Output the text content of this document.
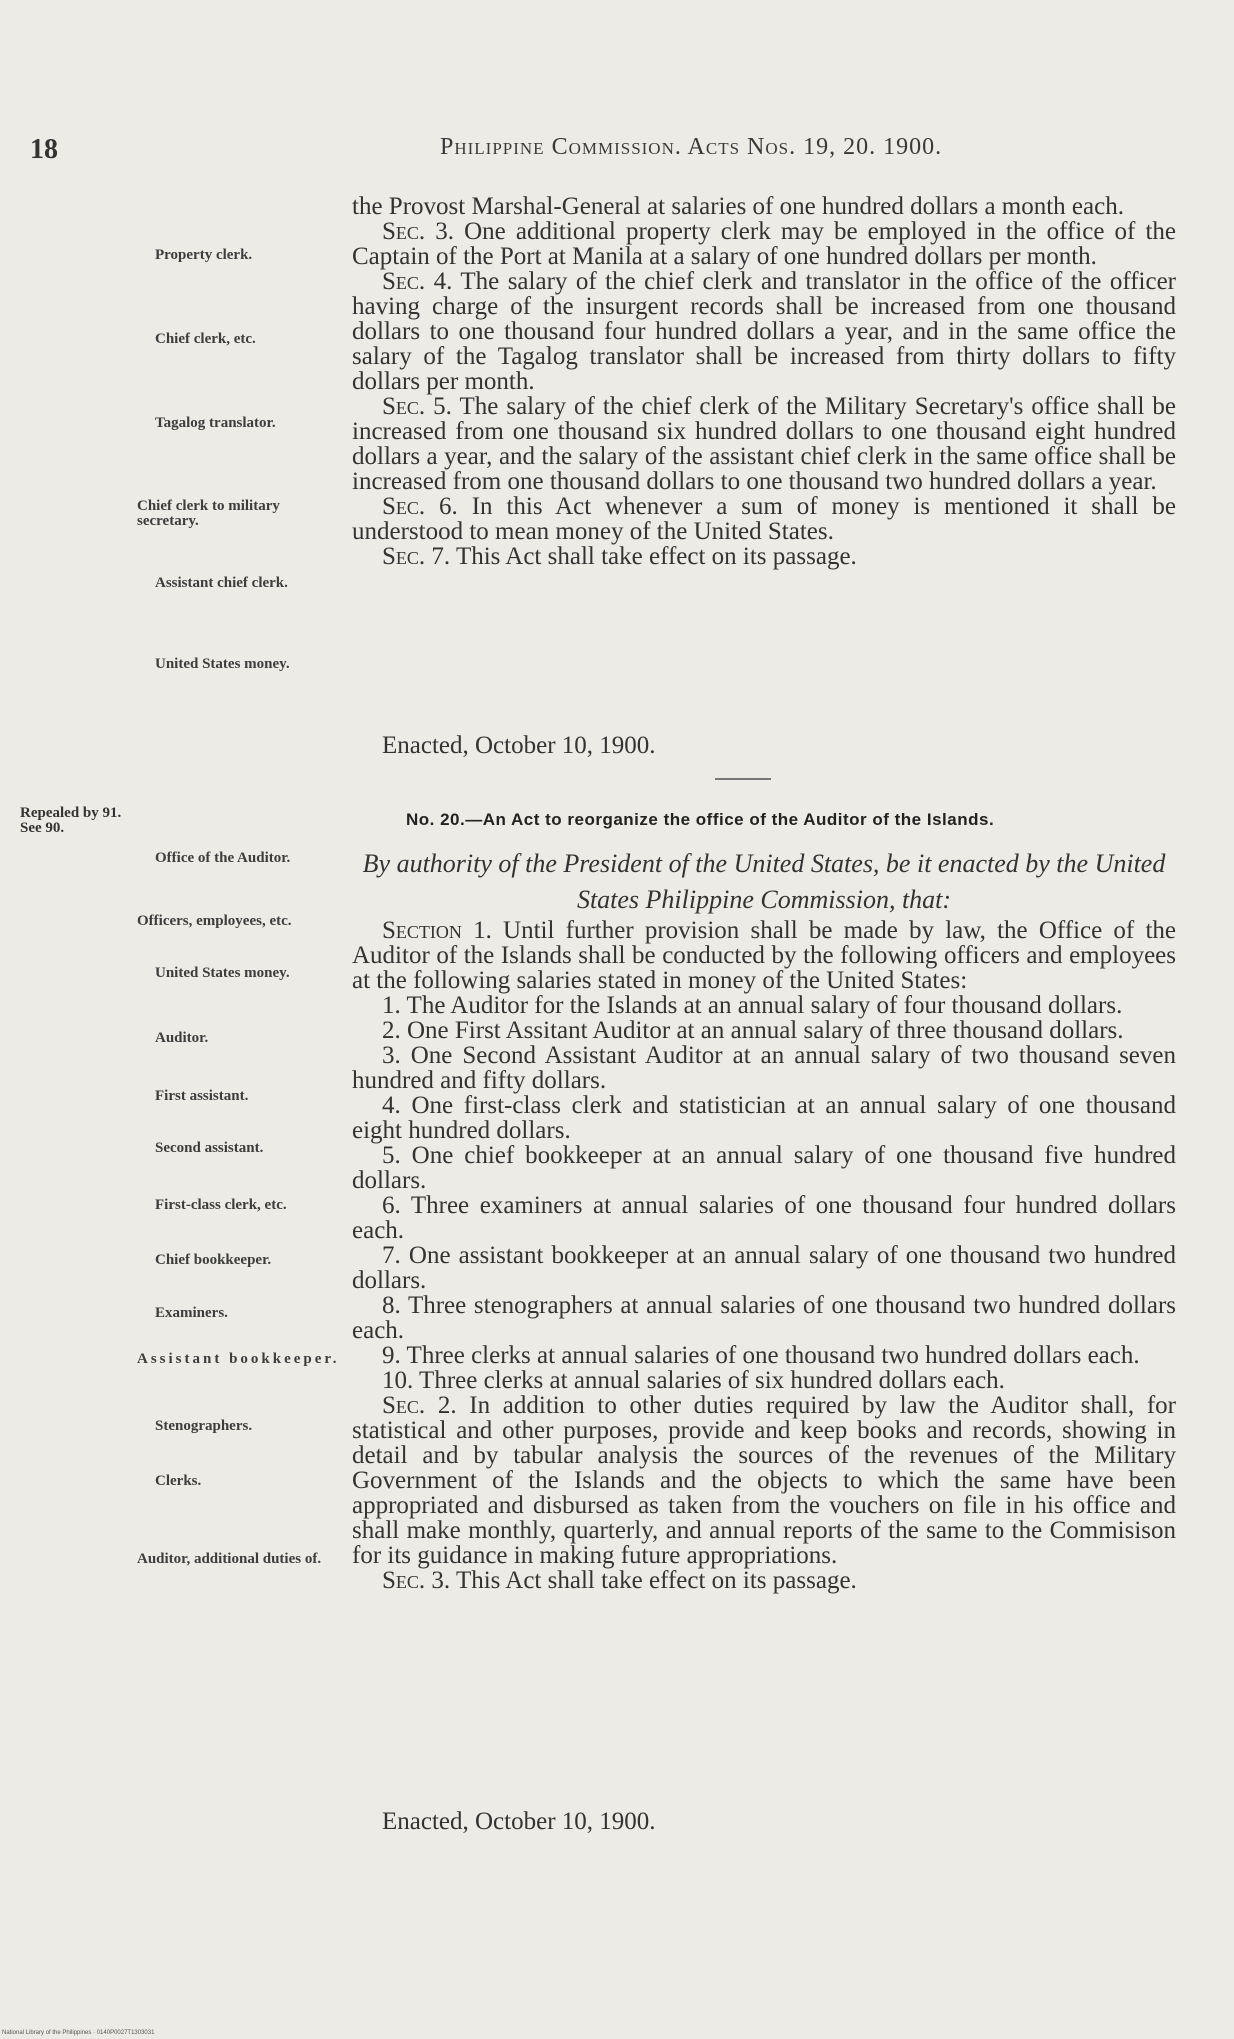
18	Philippine Commission. Acts Nos. 19, 20. 1900.
Property clerk.
Chief clerk, etc.
Tagalog translator.
Chief clerk to military secretary.
Assistant chief clerk.
United States money.
Office of the Auditor.
Officers, employees, etc.
United States money.
Auditor.
First assistant.
Second assistant.
First-class clerk, etc.
Chief bookkeeper.
Examiners.
Assistant bookkeeper.
Stenographers.
Clerks.
Auditor, additional duties of.

the Provost Marshal-General at salaries of one hundred dollars a month each.

Sec. 3. One additional property clerk may be employed in the office of the Captain of the Port at Manila at a salary of one hundred dollars per month.

Sec. 4. The salary of the chief clerk and translator in the office of the officer having charge of the insurgent records shall be increased from one thousand dollars to one thousand four hundred dollars a year, and in the same office the salary of the Tagalog translator shall be increased from thirty dollars to fifty dollars per month.

Sec. 5. The salary of the chief clerk of the Military Secretary's office shall be increased from one thousand six hundred dollars to one thousand eight hundred dollars a year, and the salary of the assistant chief clerk in the same office shall be increased from one thousand dollars to one thousand two hundred dollars a year.

Sec. 6. In this Act whenever a sum of money is mentioned it shall be understood to mean money of the United States.

Sec. 7. This Act shall take effect on its passage.

Enacted, October 10, 1900.
Repealed by 91. See 90.	No. 20.—An Act to reorganize the office of the Auditor of the Islands.
By authority of the President of the United States, be it enacted by the United States Philippine Commission, that:

Section 1. Until further provision shall be made by law, the Office of the Auditor of the Islands shall be conducted by the following officers and employees at the following salaries stated in money of the United States:

1. The Auditor for the Islands at an annual salary of four thousand dollars.

2. One First Assitant Auditor at an annual salary of three thousand dollars.

3. One Second Assistant Auditor at an annual salary of two thousand seven hundred and fifty dollars.

4. One first-class clerk and statistician at an annual salary of one thousand eight hundred dollars.

5. One chief bookkeeper at an annual salary of one thousand five hundred dollars.

6. Three examiners at annual salaries of one thousand four hundred dollars each.

7. One assistant bookkeeper at an annual salary of one thousand two hundred dollars.

8. Three stenographers at annual salaries of one thousand two hundred dollars each.

9. Three clerks at annual salaries of one thousand two hundred dollars each.

10. Three clerks at annual salaries of six hundred dollars each.

Sec. 2. In addition to other duties required by law the Auditor shall, for statistical and other purposes, provide and keep books and records, showing in detail and by tabular analysis the sources of the revenues of the Military Government of the Islands and the objects to which the same have been appropriated and disbursed as taken from the vouchers on file in his office and shall make monthly, quarterly, and annual reports of the same to the Commisison for its guidance in making future appropriations.

Sec. 3. This Act shall take effect on its passage.

Enacted, October 10, 1900.
National Library of the Philippines · 0140P0027T1303031
